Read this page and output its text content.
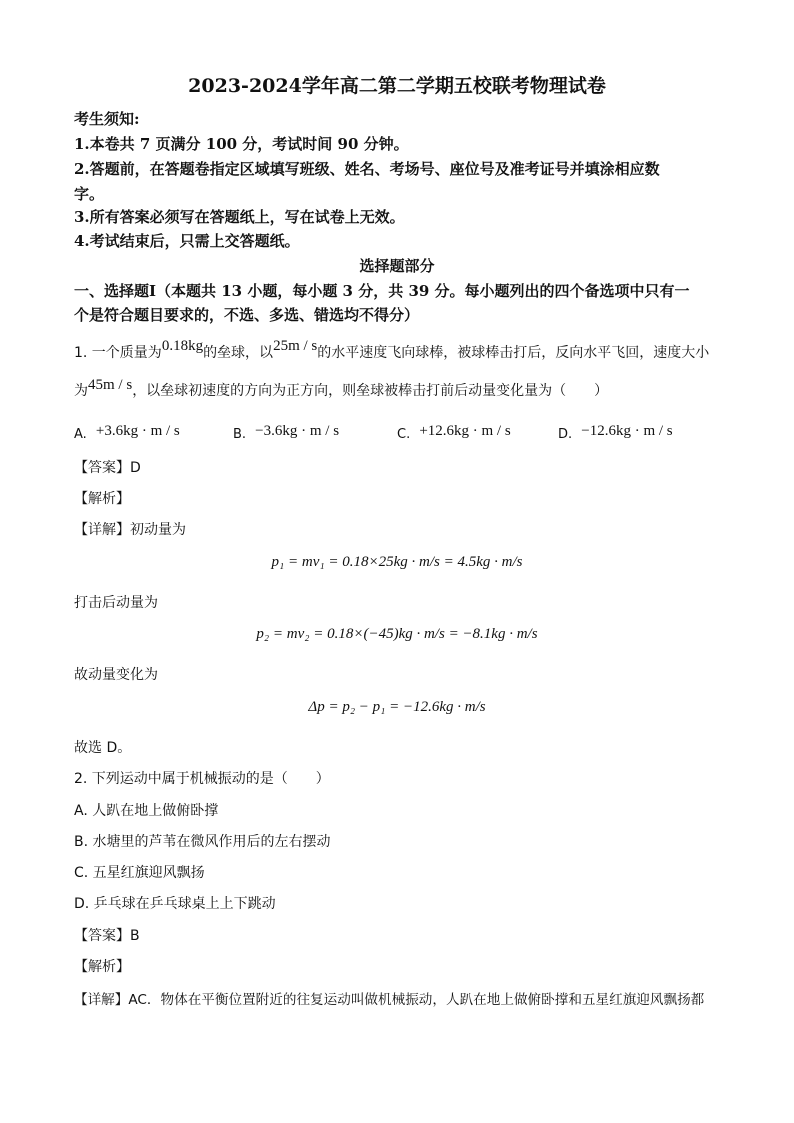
2023-2024学年高二第二学期五校联考物理试卷
考生须知:
1.本卷共 7 页满分 100 分，考试时间 90 分钟。
2.答题前，在答题卷指定区域填写班级、姓名、考场号、座位号及准考证号并填涂相应数
字。
3.所有答案必须写在答题纸上，写在试卷上无效。
4.考试结束后，只需上交答题纸。
选择题部分
一、选择题Ⅰ（本题共 13 小题，每小题 3 分，共 39 分。每小题列出的四个备选项中只有一
个是符合题目要求的，不选、多选、错选均不得分）
1. 一个质量为0.18kg的垒球，以25m / s的水平速度飞向球棒，被球棒击打后，反向水平飞回，速度大小
为45m / s，以垒球初速度的方向为正方向，则垒球被棒击打前后动量变化量为（　　）
A. +3.6kg · m / s	B. −3.6kg · m / s	C. +12.6kg · m / s	D. −12.6kg · m / s
【答案】D
【解析】
【详解】初动量为
p₁ = mv₁ = 0.18×25kg · m/s = 4.5kg · m/s
打击后动量为
p₂ = mv₂ = 0.18×(−45)kg · m/s = −8.1kg · m/s
故动量变化为
Δp = p₂ − p₁ = −12.6kg · m/s
故选 D。
2. 下列运动中属于机械振动的是（　　）
A. 人趴在地上做俯卧撑
B. 水塘里的芦苇在微风作用后的左右摆动
C. 五星红旗迎风飘扬
D. 乒乓球在乒乓球桌上上下跳动
【答案】B
【解析】
【详解】AC．物体在平衡位置附近的往复运动叫做机械振动，人趴在地上做俯卧撑和五星红旗迎风飘扬都
